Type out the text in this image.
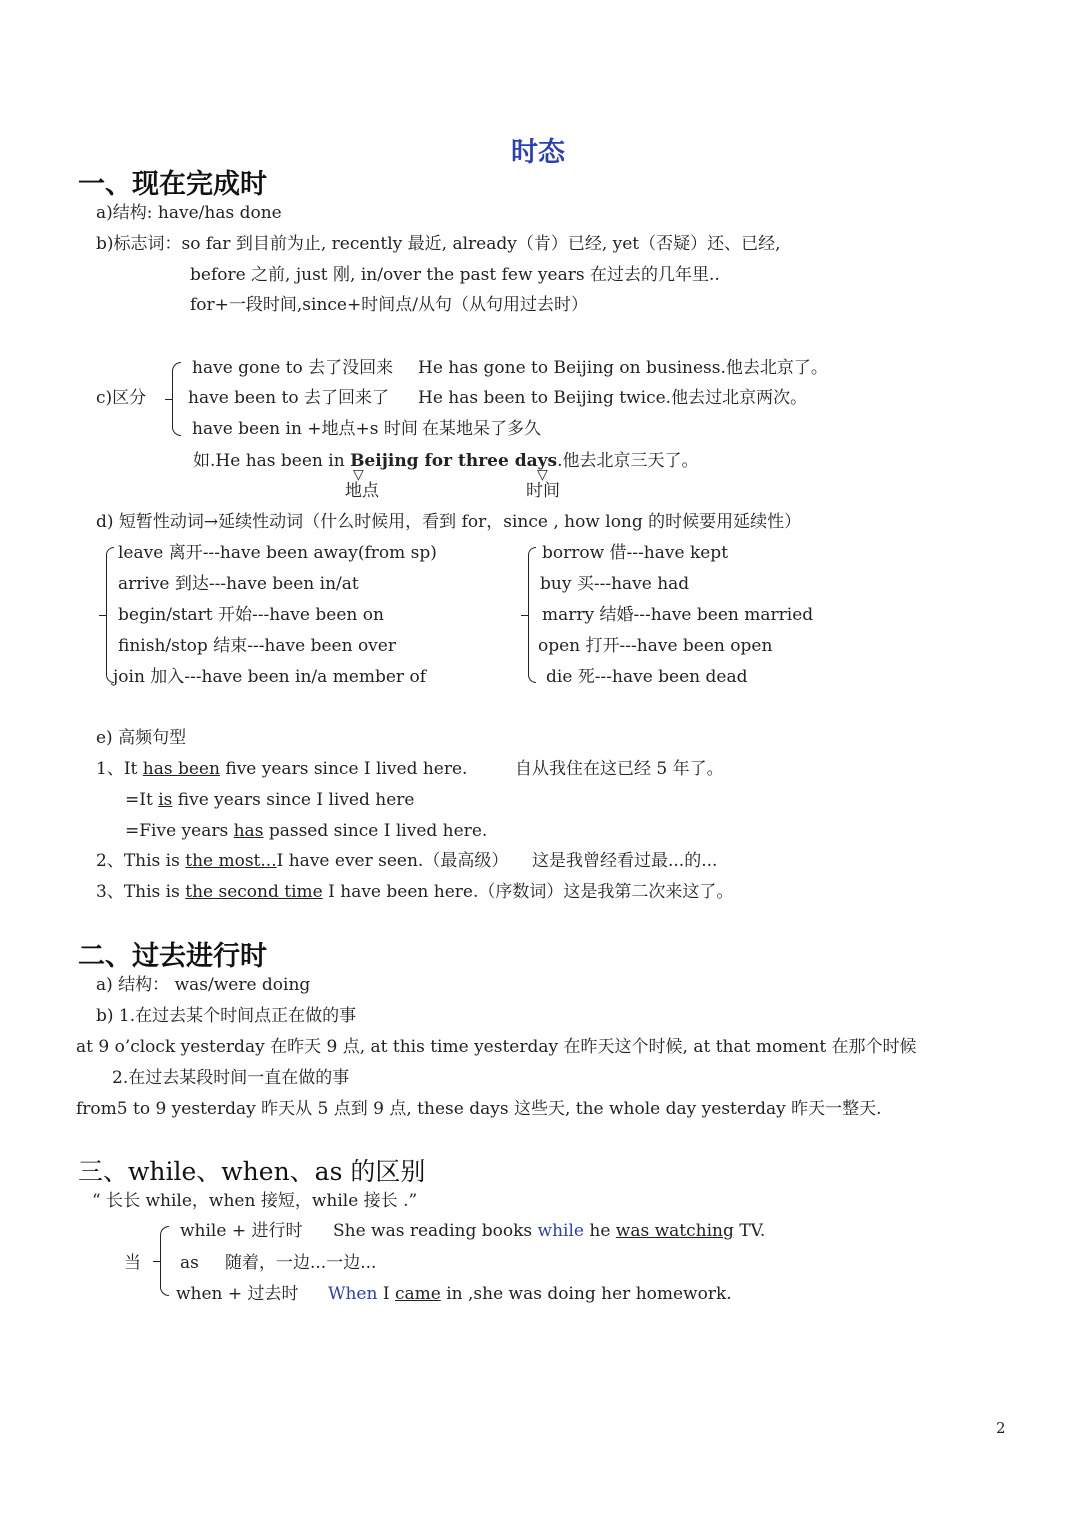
时态
一、现在完成时
a)结构: have/has done
b)标志词：so far 到目前为止, recently 最近, already（肯）已经, yet（否疑）还、已经,
before 之前, just 刚, in/over the past few years 在过去的几年里..
for+一段时间,since+时间点/从句（从句用过去时）
c)区分
have gone to 去了没回来 He has gone to Beijing on business.他去北京了。
have been to 去了回来了 He has been to Beijing twice.他去过北京两次。
have been in +地点+s 时间 在某地呆了多久
如.He has been in Beijing for three days.他去北京三天了。
▽	▽
地点	时间
d) 短暂性动词→延续性动词（什么时候用，看到 for，since , how long 的时候要用延续性）
leave 离开---have been away(from sp)
arrive 到达---have been in/at
begin/start 开始---have been on
finish/stop 结束---have been over
join 加入---have been in/a member of
borrow 借---have kept
buy 买---have had
marry 结婚---have been married
open 打开---have been open
die 死---have been dead
e) 高频句型
1、It has been five years since I lived here.	自从我住在这已经 5 年了。
=It is five years since I lived here
=Five years has passed since I lived here.
2、This is the most...I have ever seen.（最高级） 这是我曾经看过最...的...
3、This is the second time I have been here.（序数词）这是我第二次来这了。
二、过去进行时
a) 结构： was/were doing
b) 1.在过去某个时间点正在做的事
at 9 o’clock yesterday 在昨天 9 点, at this time yesterday 在昨天这个时候, at that moment 在那个时候
2.在过去某段时间一直在做的事
from5 to 9 yesterday 昨天从 5 点到 9 点, these days 这些天, the whole day yesterday 昨天一整天.
三、while、when、as 的区别
“ 长长 while，when 接短，while 接长 .”
当
while + 进行时 She was reading books while he was watching TV.
as 随着，一边...一边...
when + 过去时 When I came in ,she was doing her homework.
2
